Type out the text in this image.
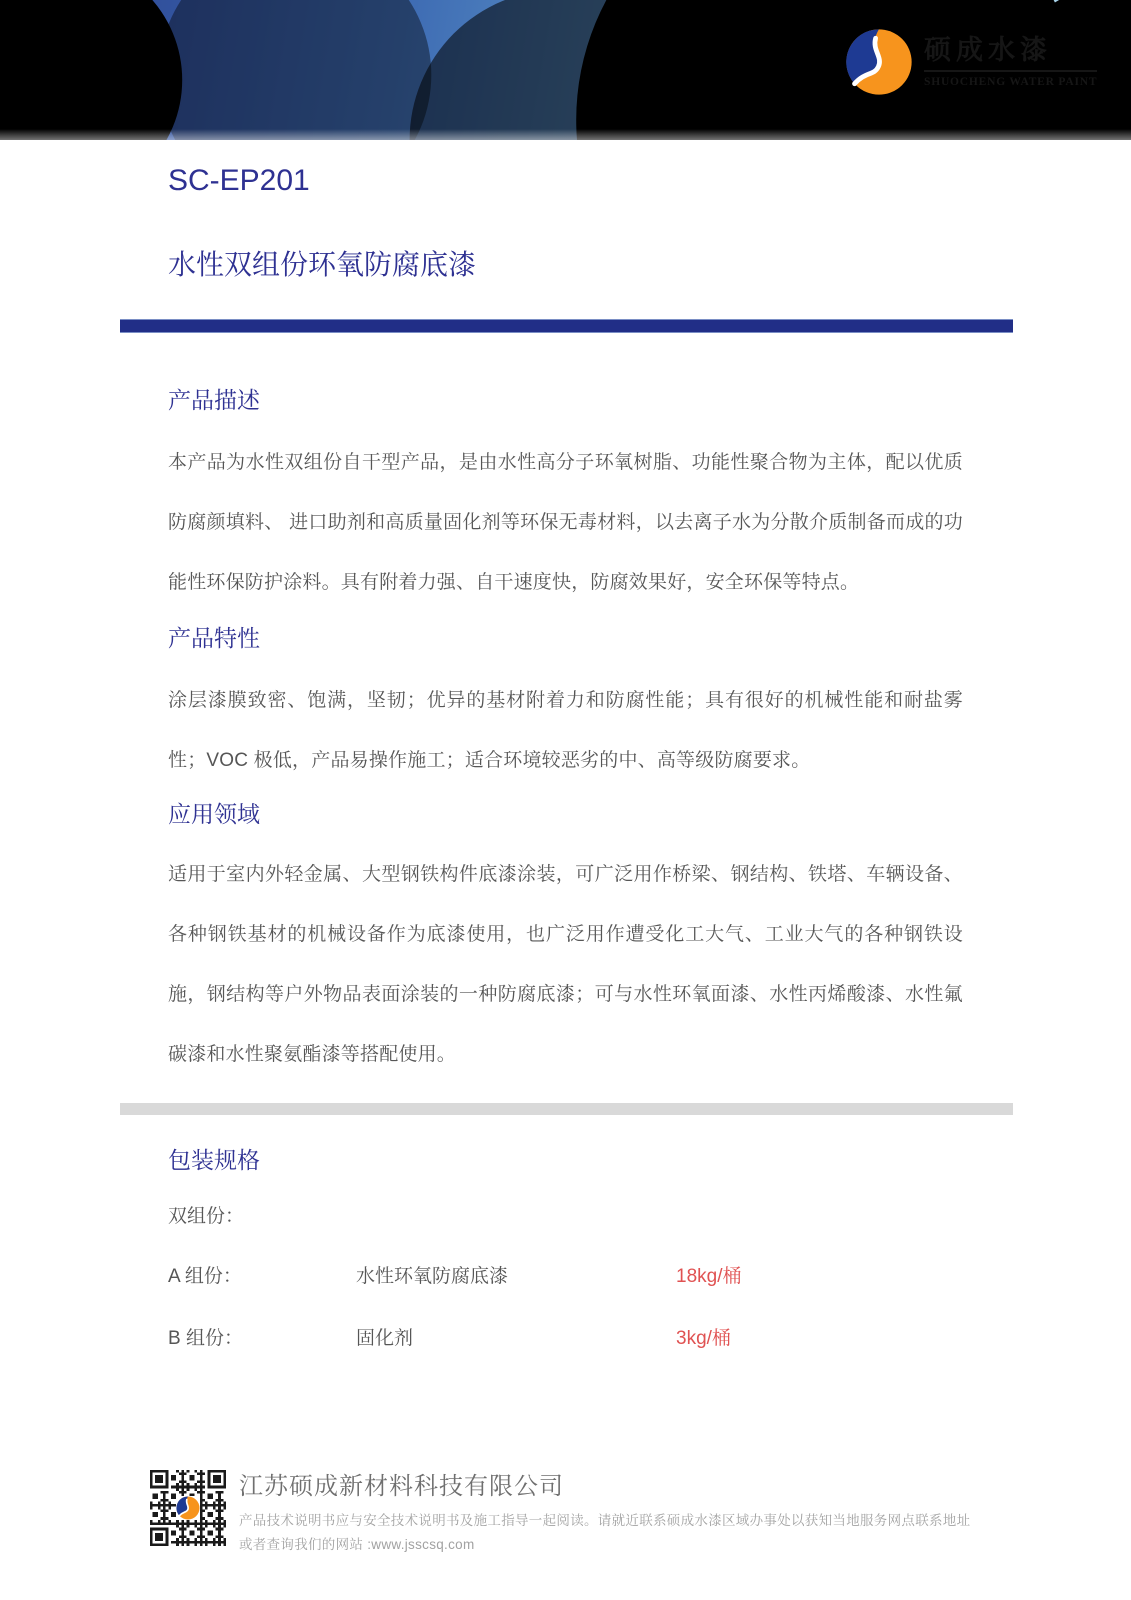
硕成水漆
SHUOCHENG WATER PAINT
SC-EP201
水性双组份环氧防腐底漆
产品描述

本产品为水性双组份自干型产品，是由水性高分子环氧树脂、功能性聚合物为主体，配以优质防腐颜填料、 进口助剂和高质量固化剂等环保无毒材料，以去离子水为分散介质制备而成的功能性环保防护涂料。具有附着力强、自干速度快，防腐效果好，安全环保等特点。

产品特性

涂层漆膜致密、饱满，坚韧；优异的基材附着力和防腐性能；具有很好的机械性能和耐盐雾性；VOC 极低，产品易操作施工；适合环境较恶劣的中、高等级防腐要求。

应用领域

适用于室内外轻金属、大型钢铁构件底漆涂装，可广泛用作桥梁、钢结构、铁塔、车辆设备、各种钢铁基材的机械设备作为底漆使用，也广泛用作遭受化工大气、工业大气的各种钢铁设施，钢结构等户外物品表面涂装的一种防腐底漆；可与水性环氧面漆、水性丙烯酸漆、水性氟碳漆和水性聚氨酯漆等搭配使用。

包装规格

双组份：

A 组份：	水性环氧防腐底漆	18kg/桶
B 组份：	固化剂	3kg/桶
江苏硕成新材料科技有限公司
产品技术说明书应与安全技术说明书及施工指导一起阅读。请就近联系硕成水漆区域办事处以获知当地服务网点联系地址
或者查询我们的网站 :www.jsscsq.com
